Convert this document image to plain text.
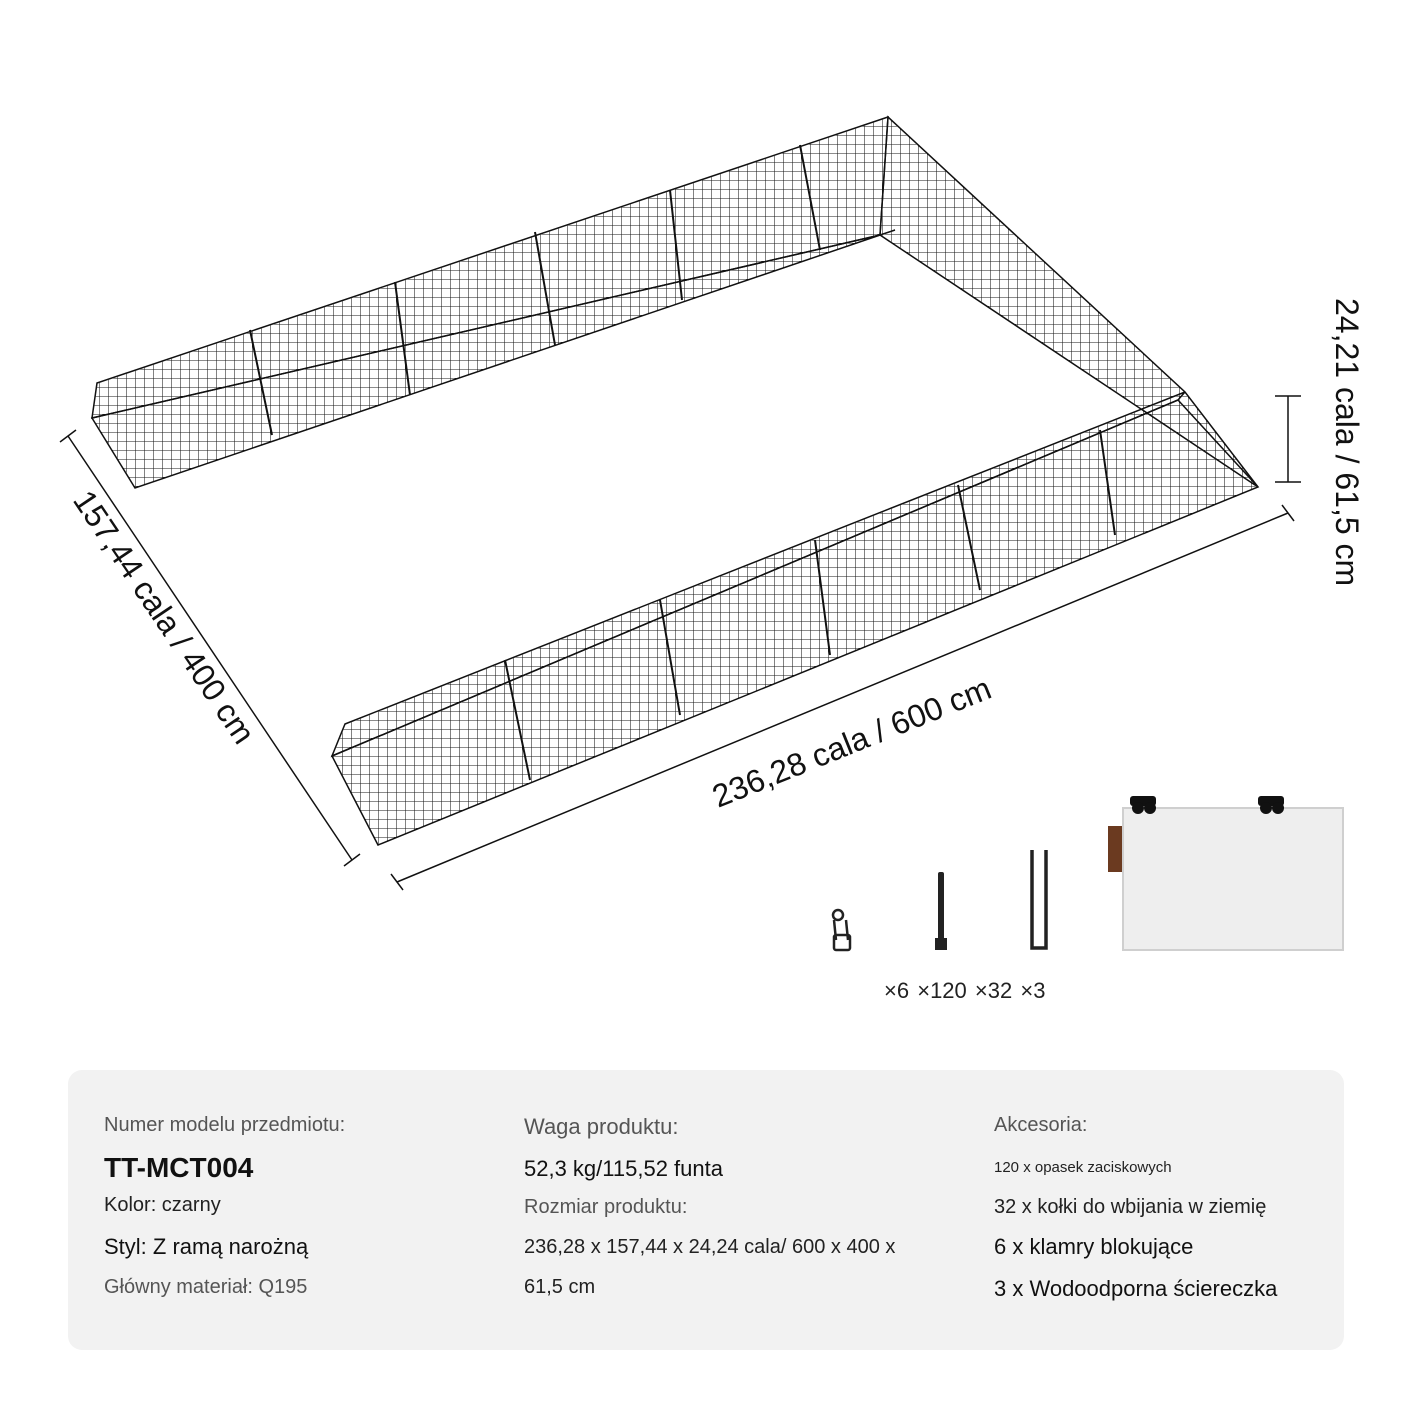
236,28 cala / 600 cm
157,44 cala / 400 cm
24,21 cala / 61,5 cm
×6 ×120 ×32 ×3
Numer modelu przedmiotu:
TT-MCT004
Kolor: czarny
Styl: Z ramą narożną
Główny materiał: Q195
Waga produktu:
52,3 kg/115,52 funta
Rozmiar produktu:
236,28 x 157,44 x 24,24 cala/ 600 x 400 x
61,5 cm
Akcesoria:
120 x opasek zaciskowych
32 x kołki do wbijania w ziemię
6 x klamry blokujące
3 x Wodoodporna ściereczka
